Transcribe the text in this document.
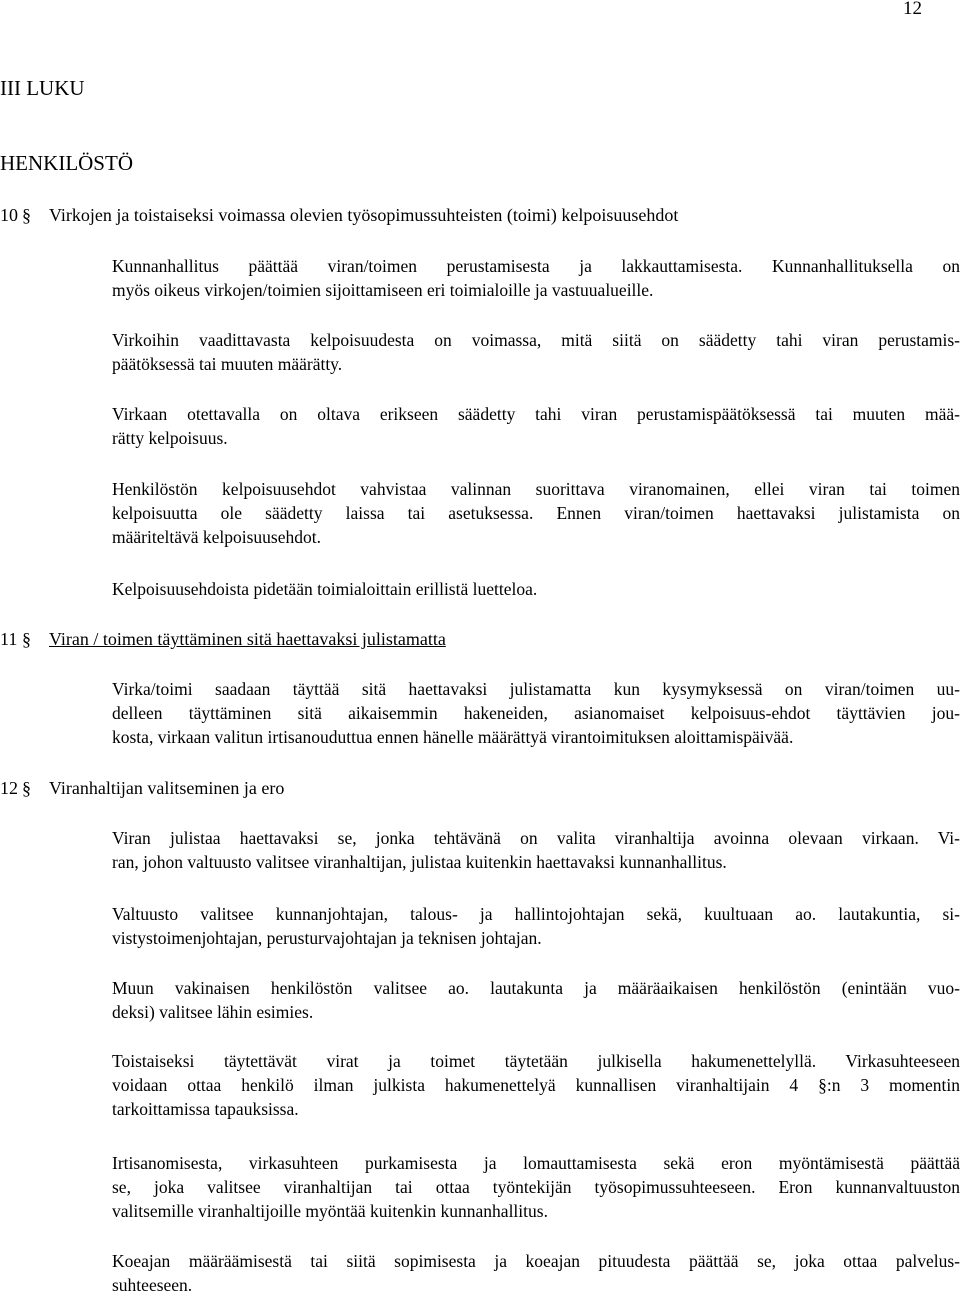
12
III LUKU
HENKILÖSTÖ
10 § Virkojen ja toistaiseksi voimassa olevien työsopimussuhteisten (toimi) kelpoisuusehdot
Kunnanhallitus päättää viran/toimen perustamisesta ja lakkauttamisesta. Kunnanhallituksella on
myös oikeus virkojen/toimien sijoittamiseen eri toimialoille ja vastuualueille.
Virkoihin vaadittavasta kelpoisuudesta on voimassa, mitä siitä on säädetty tahi viran perustamis-
päätöksessä tai muuten määrätty.
Virkaan otettavalla on oltava erikseen säädetty tahi viran perustamispäätöksessä tai muuten mää-
rätty kelpoisuus.
Henkilöstön kelpoisuusehdot vahvistaa valinnan suorittava viranomainen, ellei viran tai toimen
kelpoisuutta ole säädetty laissa tai asetuksessa. Ennen viran/toimen haettavaksi julistamista on
määriteltävä kelpoisuusehdot.
Kelpoisuusehdoista pidetään toimialoittain erillistä luetteloa.
11 § Viran / toimen täyttäminen sitä haettavaksi julistamatta
Virka/toimi saadaan täyttää sitä haettavaksi julistamatta kun kysymyksessä on viran/toimen uu-
delleen täyttäminen sitä aikaisemmin hakeneiden, asianomaiset kelpoisuus-ehdot täyttävien jou-
kosta, virkaan valitun irtisanouduttua ennen hänelle määrättyä virantoimituksen aloittamispäivää.
12 § Viranhaltijan valitseminen ja ero
Viran julistaa haettavaksi se, jonka tehtävänä on valita viranhaltija avoinna olevaan virkaan. Vi-
ran, johon valtuusto valitsee viranhaltijan, julistaa kuitenkin haettavaksi kunnanhallitus.
Valtuusto valitsee kunnanjohtajan, talous- ja hallintojohtajan sekä, kuultuaan ao. lautakuntia, si-
vistystoimenjohtajan, perusturvajohtajan ja teknisen johtajan.
Muun vakinaisen henkilöstön valitsee ao. lautakunta ja määräaikaisen henkilöstön (enintään vuo-
deksi) valitsee lähin esimies.
Toistaiseksi täytettävät virat ja toimet täytetään julkisella hakumenettelyllä. Virkasuhteeseen
voidaan ottaa henkilö ilman julkista hakumenettelyä kunnallisen viranhaltijain 4 §:n 3 momentin
tarkoittamissa tapauksissa.
Irtisanomisesta, virkasuhteen purkamisesta ja lomauttamisesta sekä eron myöntämisestä päättää
se, joka valitsee viranhaltijan tai ottaa työntekijän työsopimussuhteeseen. Eron kunnanvaltuuston
valitsemille viranhaltijoille myöntää kuitenkin kunnanhallitus.
Koeajan määräämisestä tai siitä sopimisesta ja koeajan pituudesta päättää se, joka ottaa palvelus-
suhteeseen.
